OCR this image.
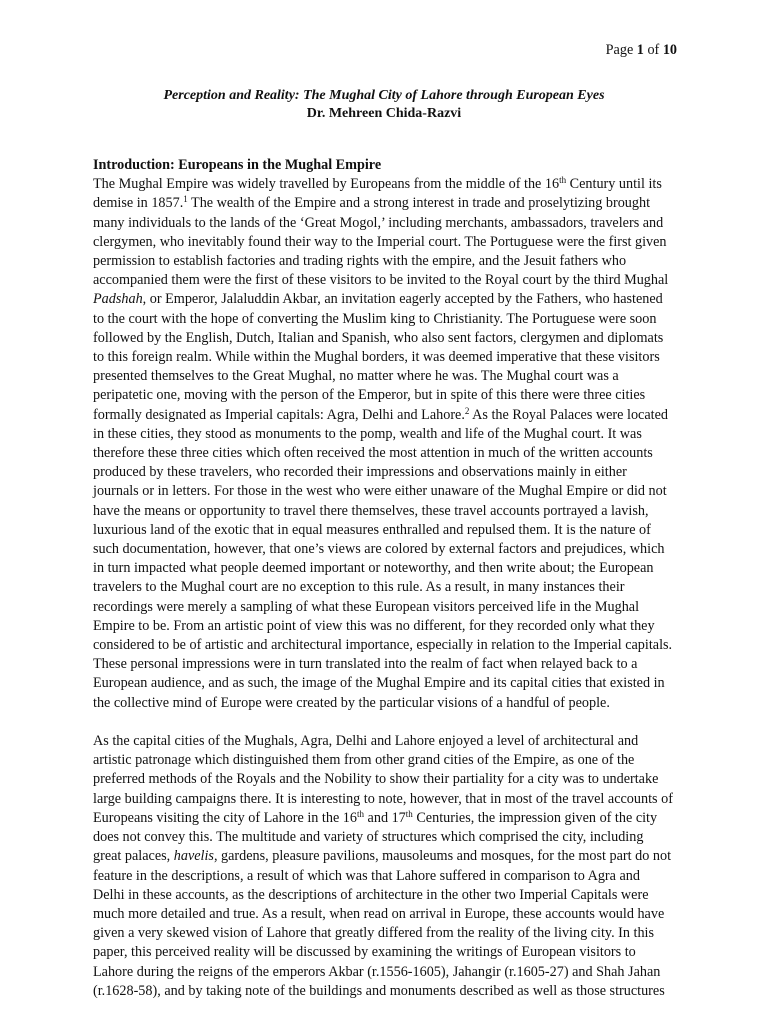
Page 1 of 10
Perception and Reality: The Mughal City of Lahore through European Eyes
Dr. Mehreen Chida-Razvi
Introduction: Europeans in the Mughal Empire
The Mughal Empire was widely travelled by Europeans from the middle of the 16th Century until its
demise in 1857.$^1$ The wealth of the Empire and a strong interest in trade and proselytizing brought
many individuals to the lands of the ‘Great Mogol,’ including merchants, ambassadors, travelers and
clergymen, who inevitably found their way to the Imperial court. The Portuguese were the first given
permission to establish factories and trading rights with the empire, and the Jesuit fathers who
accompanied them were the first of these visitors to be invited to the Royal court by the third Mughal
Padshah, or Emperor, Jalaluddin Akbar, an invitation eagerly accepted by the Fathers, who hastened
to the court with the hope of converting the Muslim king to Christianity. The Portuguese were soon
followed by the English, Dutch, Italian and Spanish, who also sent factors, clergymen and diplomats
to this foreign realm. While within the Mughal borders, it was deemed imperative that these visitors
presented themselves to the Great Mughal, no matter where he was. The Mughal court was a
peripatetic one, moving with the person of the Emperor, but in spite of this there were three cities
formally designated as Imperial capitals: Agra, Delhi and Lahore.$^2$ As the Royal Palaces were located
in these cities, they stood as monuments to the pomp, wealth and life of the Mughal court. It was
therefore these three cities which often received the most attention in much of the written accounts
produced by these travelers, who recorded their impressions and observations mainly in either
journals or in letters. For those in the west who were either unaware of the Mughal Empire or did not
have the means or opportunity to travel there themselves, these travel accounts portrayed a lavish,
luxurious land of the exotic that in equal measures enthralled and repulsed them. It is the nature of
such documentation, however, that one’s views are colored by external factors and prejudices, which
in turn impacted what people deemed important or noteworthy, and then write about; the European
travelers to the Mughal court are no exception to this rule. As a result, in many instances their
recordings were merely a sampling of what these European visitors perceived life in the Mughal
Empire to be. From an artistic point of view this was no different, for they recorded only what they
considered to be of artistic and architectural importance, especially in relation to the Imperial capitals.
These personal impressions were in turn translated into the realm of fact when relayed back to a
European audience, and as such, the image of the Mughal Empire and its capital cities that existed in
the collective mind of Europe were created by the particular visions of a handful of people.
As the capital cities of the Mughals, Agra, Delhi and Lahore enjoyed a level of architectural and
artistic patronage which distinguished them from other grand cities of the Empire, as one of the
preferred methods of the Royals and the Nobility to show their partiality for a city was to undertake
large building campaigns there. It is interesting to note, however, that in most of the travel accounts of
Europeans visiting the city of Lahore in the 16th and 17th Centuries, the impression given of the city
does not convey this. The multitude and variety of structures which comprised the city, including
great palaces, havelis, gardens, pleasure pavilions, mausoleums and mosques, for the most part do not
feature in the descriptions, a result of which was that Lahore suffered in comparison to Agra and
Delhi in these accounts, as the descriptions of architecture in the other two Imperial Capitals were
much more detailed and true. As a result, when read on arrival in Europe, these accounts would have
given a very skewed vision of Lahore that greatly differed from the reality of the living city. In this
paper, this perceived reality will be discussed by examining the writings of European visitors to
Lahore during the reigns of the emperors Akbar (r.1556-1605), Jahangir (r.1605-27) and Shah Jahan
(r.1628-58), and by taking note of the buildings and monuments described as well as those structures
